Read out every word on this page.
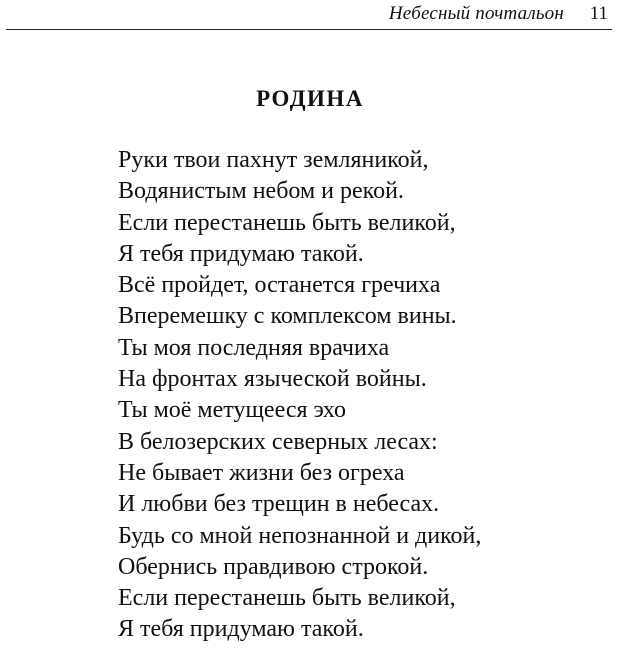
Небесный почтальон 11
РОДИНА
Руки твои пахнут земляникой,
Водянистым небом и рекой.
Если перестанешь быть великой,
Я тебя придумаю такой.
Всё пройдет, останется гречиха
Вперемешку с комплексом вины.
Ты моя последняя врачиха
На фронтах языческой войны.
Ты моё метущееся эхо
В белозерских северных лесах:
Не бывает жизни без огреха
И любви без трещин в небесах.
Будь со мной непознанной и дикой,
Обернись правдивою строкой.
Если перестанешь быть великой,
Я тебя придумаю такой.
